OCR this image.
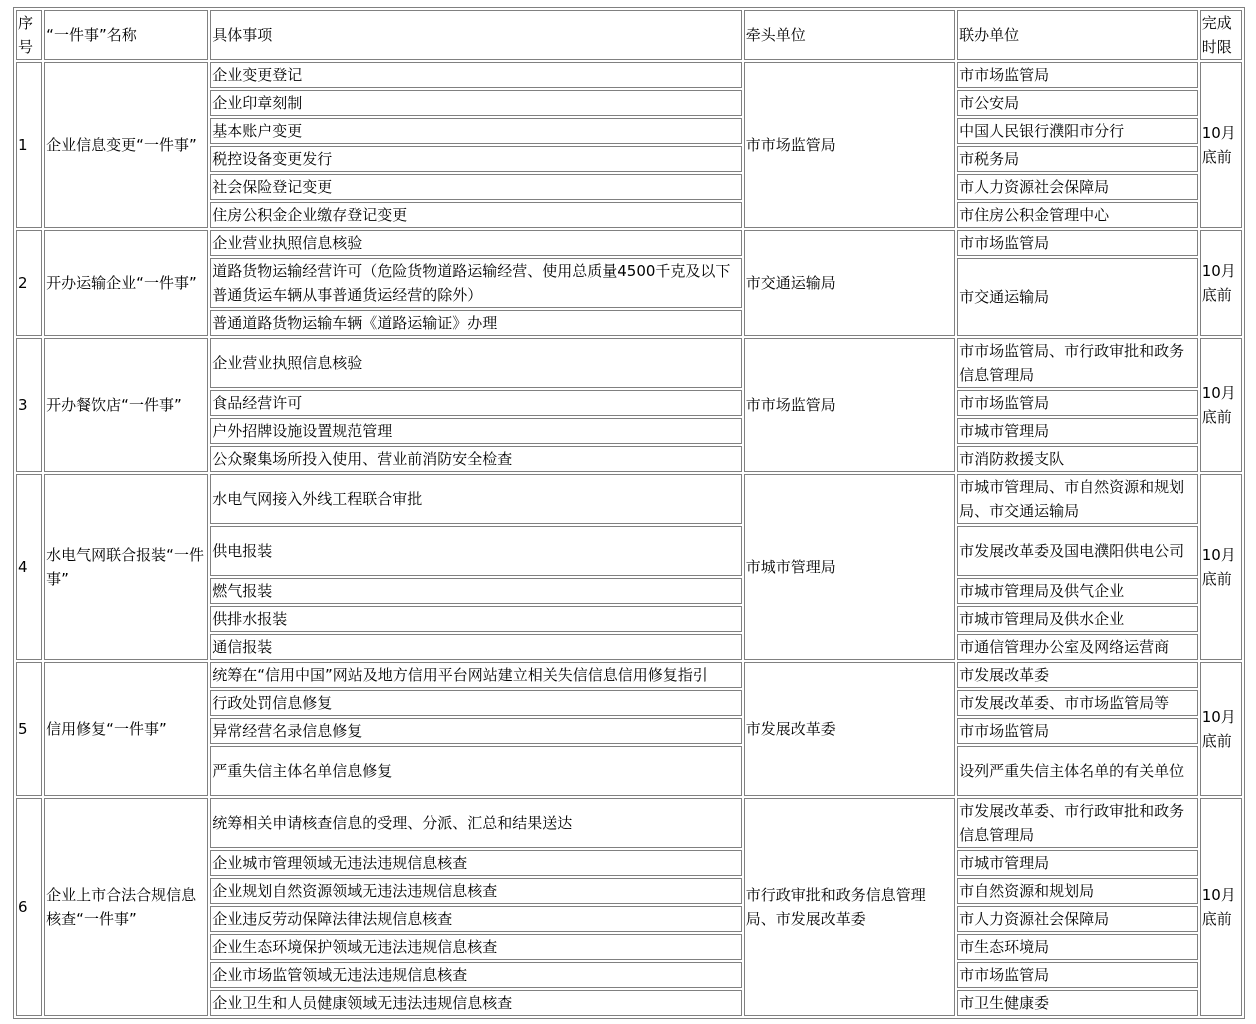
序号	“一件事”名称	具体事项	牵头单位	联办单位	完成时限
1	企业信息变更“一件事”	企业变更登记	市市场监管局	市市场监管局	10月底前
		企业印章刻制		市公安局	
		基本账户变更		中国人民银行濮阳市分行	
		税控设备变更发行		市税务局	
		社会保险登记变更		市人力资源社会保障局	
		住房公积金企业缴存登记变更		市住房公积金管理中心	
2	开办运输企业“一件事”	企业营业执照信息核验	市交通运输局	市市场监管局	10月底前
		道路货物运输经营许可（危险货物道路运输经营、使用总质量4500千克及以下普通货运车辆从事普通货运经营的除外）		市交通运输局	
		普通道路货物运输车辆《道路运输证》办理			
3	开办餐饮店“一件事”	企业营业执照信息核验	市市场监管局	市市场监管局、市行政审批和政务信息管理局	10月底前
		食品经营许可		市市场监管局	
		户外招牌设施设置规范管理		市城市管理局	
		公众聚集场所投入使用、营业前消防安全检查		市消防救援支队	
4	水电气网联合报装“一件事”	水电气网接入外线工程联合审批	市城市管理局	市城市管理局、市自然资源和规划局、市交通运输局	10月底前
		供电报装		市发展改革委及国电濮阳供电公司	
		燃气报装		市城市管理局及供气企业	
		供排水报装		市城市管理局及供水企业	
		通信报装		市通信管理办公室及网络运营商	
5	信用修复“一件事”	统筹在“信用中国”网站及地方信用平台网站建立相关失信信息信用修复指引	市发展改革委	市发展改革委	10月底前
		行政处罚信息修复		市发展改革委、市市场监管局等	
		异常经营名录信息修复		市市场监管局	
		严重失信主体名单信息修复		设列严重失信主体名单的有关单位	
6	企业上市合法合规信息核查“一件事”	统筹相关申请核查信息的受理、分派、汇总和结果送达	市行政审批和政务信息管理局、市发展改革委	市发展改革委、市行政审批和政务信息管理局	10月底前
		企业城市管理领域无违法违规信息核查		市城市管理局	
		企业规划自然资源领域无违法违规信息核查		市自然资源和规划局	
		企业违反劳动保障法律法规信息核查		市人力资源社会保障局	
		企业生态环境保护领域无违法违规信息核查		市生态环境局	
		企业市场监管领域无违法违规信息核查		市市场监管局	
		企业卫生和人员健康领域无违法违规信息核查		市卫生健康委	
